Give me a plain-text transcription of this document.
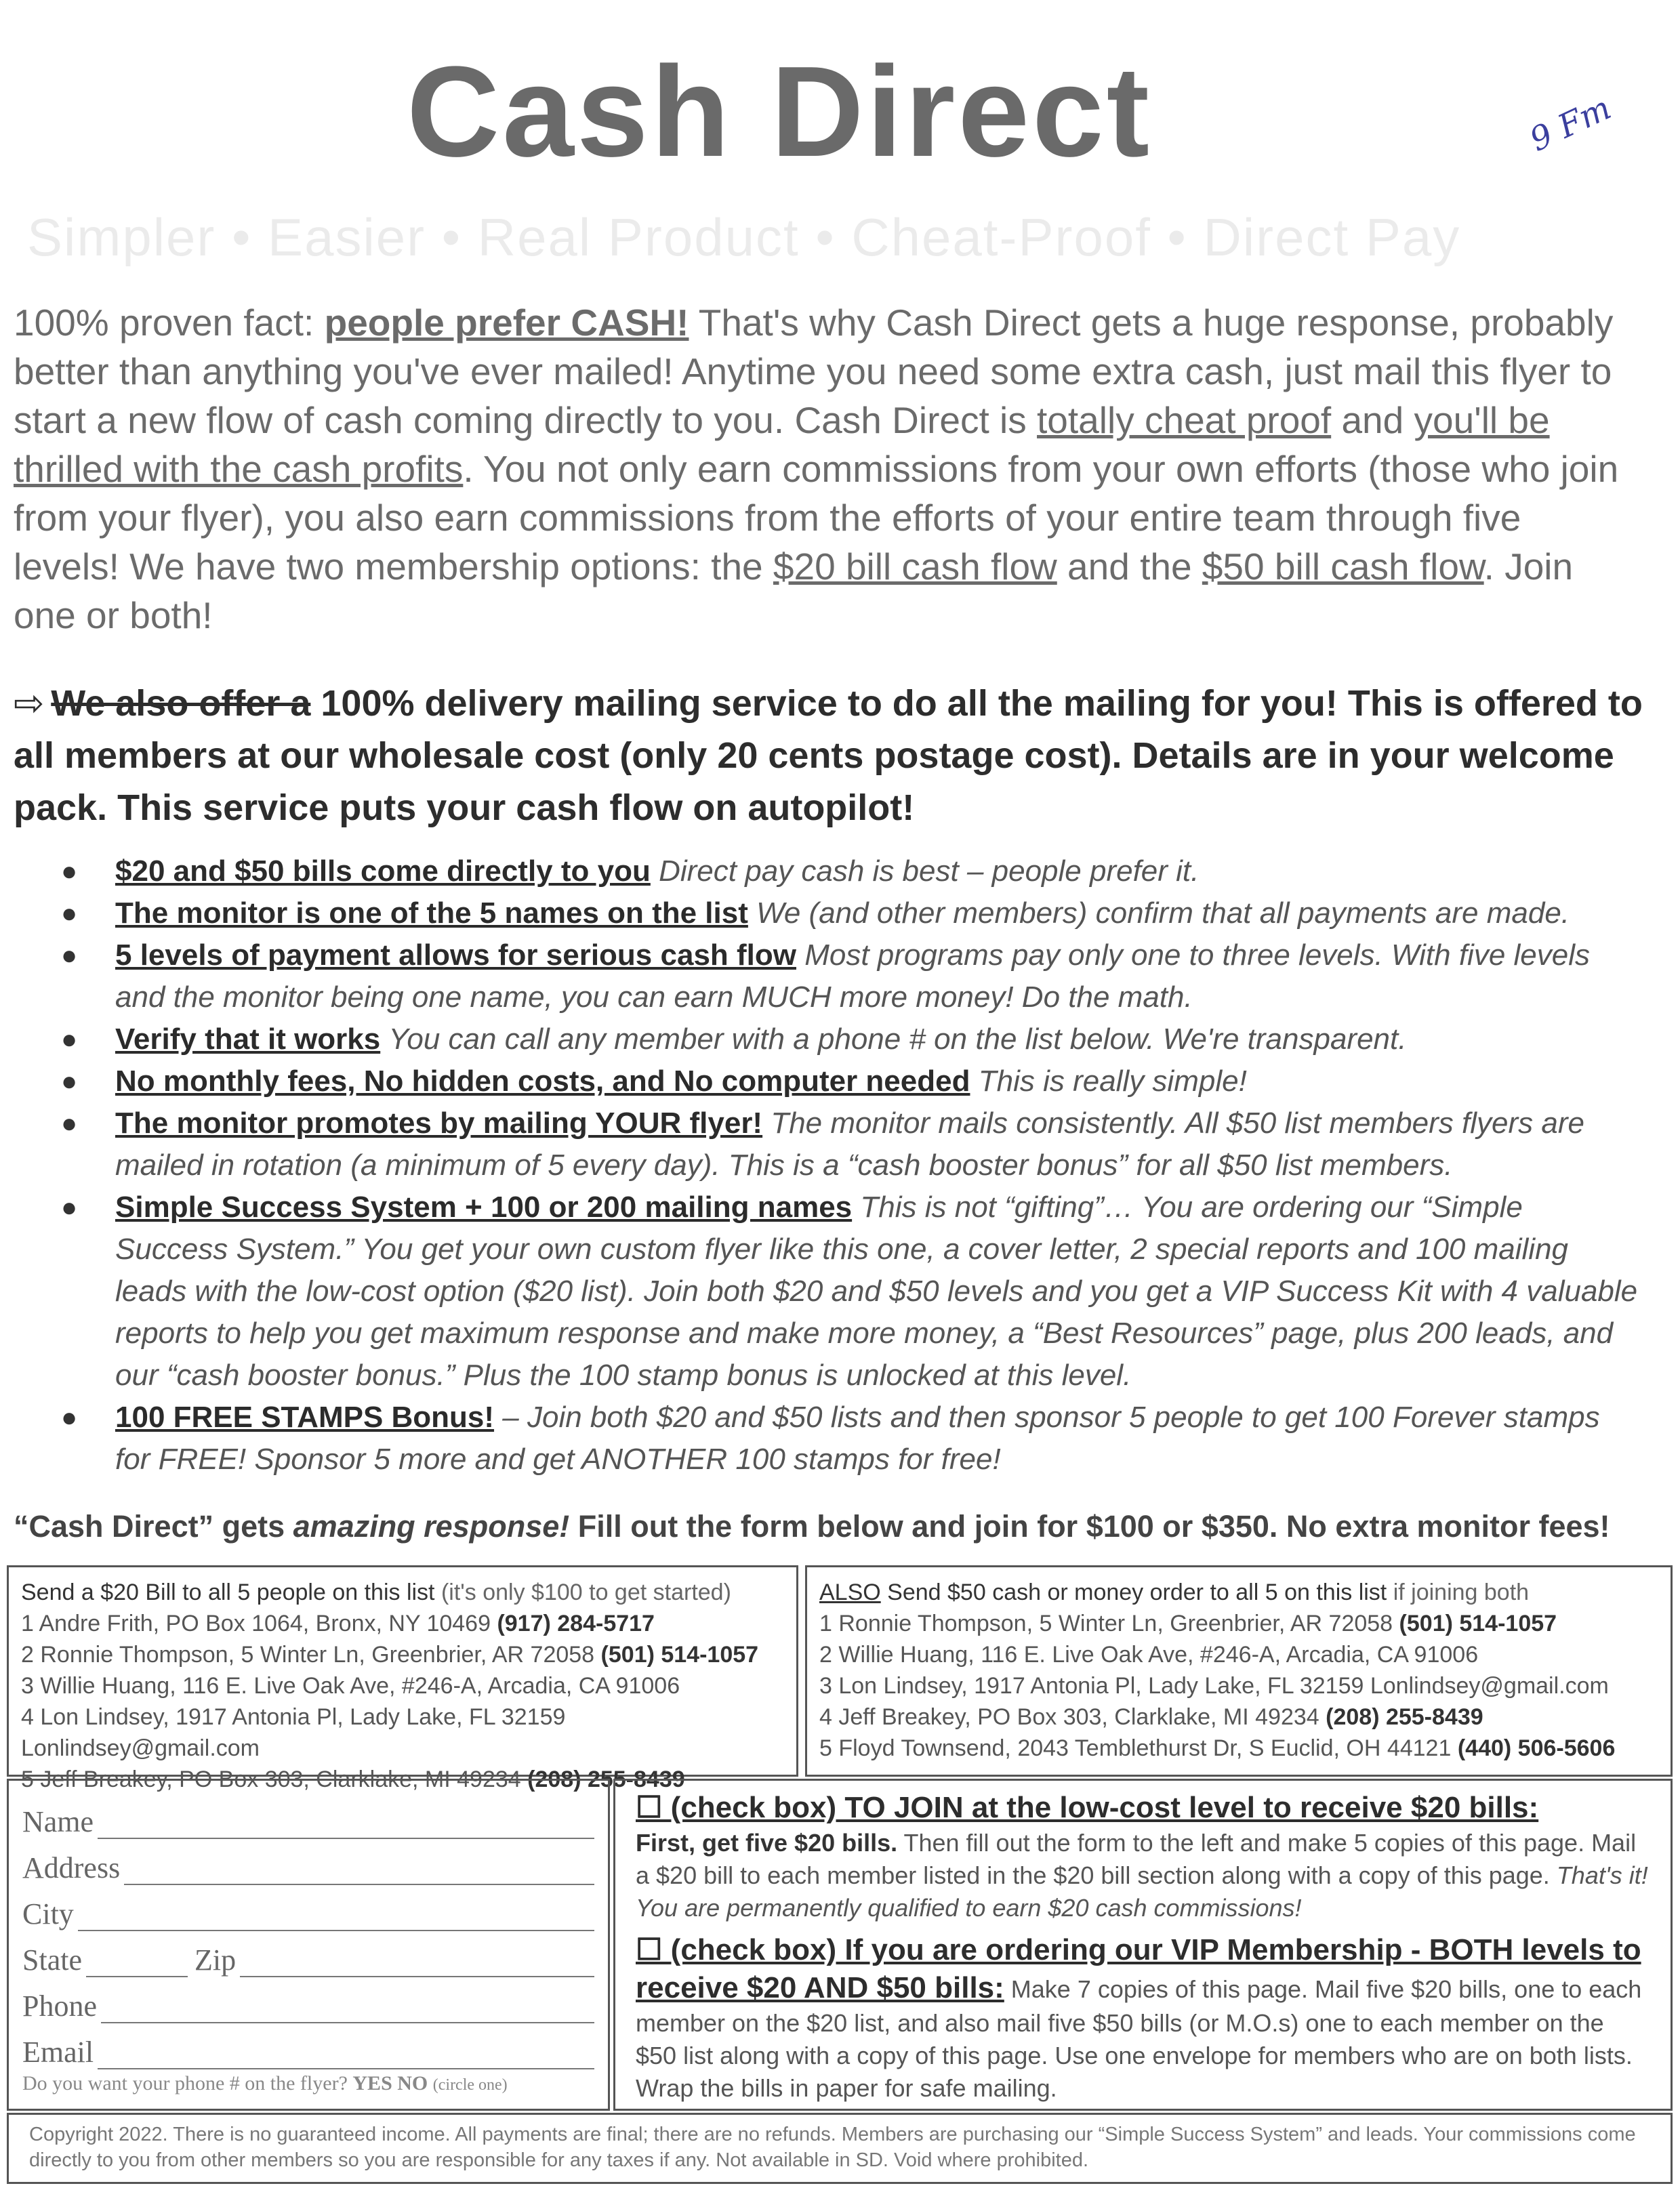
Cash Direct	9 Fm
Simpler • Easier • Real Product • Cheat-Proof • Direct Pay
100% proven fact: people prefer CASH! That's why Cash Direct gets a huge response, probably better than anything you've ever mailed! Anytime you need some extra cash, just mail this flyer to start a new flow of cash coming directly to you. Cash Direct is totally cheat proof and you'll be thrilled with the cash profits. You not only earn commissions from your own efforts (those who join from your flyer), you also earn commissions from the efforts of your entire team through five levels! We have two membership options: the $20 bill cash flow and the $50 bill cash flow. Join one or both!
⇨ We also offer a 100% delivery mailing service to do all the mailing for you! This is offered to all members at our wholesale cost (only 20 cents postage cost). Details are in your welcome pack. This service puts your cash flow on autopilot!
● $20 and $50 bills come directly to you Direct pay cash is best – people prefer it.
● The monitor is one of the 5 names on the list We (and other members) confirm that all payments are made.
● 5 levels of payment allows for serious cash flow Most programs pay only one to three levels. With five levels and the monitor being one name, you can earn MUCH more money! Do the math.
● Verify that it works You can call any member with a phone # on the list below. We're transparent.
● No monthly fees, No hidden costs, and No computer needed This is really simple!
● The monitor promotes by mailing YOUR flyer! The monitor mails consistently. All $50 list members flyers are mailed in rotation (a minimum of 5 every day). This is a “cash booster bonus” for all $50 list members.
● Simple Success System + 100 or 200 mailing names This is not “gifting”… You are ordering our “Simple Success System.” You get your own custom flyer like this one, a cover letter, 2 special reports and 100 mailing leads with the low-cost option ($20 list). Join both $20 and $50 levels and you get a VIP Success Kit with 4 valuable reports to help you get maximum response and make more money, a “Best Resources” page, plus 200 leads, and our “cash booster bonus.” Plus the 100 stamp bonus is unlocked at this level.
● 100 FREE STAMPS Bonus! – Join both $20 and $50 lists and then sponsor 5 people to get 100 Forever stamps for FREE! Sponsor 5 more and get ANOTHER 100 stamps for free!
“Cash Direct” gets amazing response! Fill out the form below and join for $100 or $350. No extra monitor fees!
Send a $20 Bill to all 5 people on this list (it's only $100 to get started)
1 Andre Frith, PO Box 1064, Bronx, NY 10469 (917) 284-5717
2 Ronnie Thompson, 5 Winter Ln, Greenbrier, AR 72058 (501) 514-1057
3 Willie Huang, 116 E. Live Oak Ave, #246-A, Arcadia, CA 91006
4 Lon Lindsey, 1917 Antonia Pl, Lady Lake, FL 32159 Lonlindsey@gmail.com
5 Jeff Breakey, PO Box 303, Clarklake, MI 49234 (208) 255-8439
ALSO Send $50 cash or money order to all 5 on this list if joining both
1 Ronnie Thompson, 5 Winter Ln, Greenbrier, AR 72058 (501) 514-1057
2 Willie Huang, 116 E. Live Oak Ave, #246-A, Arcadia, CA 91006
3 Lon Lindsey, 1917 Antonia Pl, Lady Lake, FL 32159 Lonlindsey@gmail.com
4 Jeff Breakey, PO Box 303, Clarklake, MI 49234 (208) 255-8439
5 Floyd Townsend, 2043 Temblethurst Dr, S Euclid, OH 44121 (440) 506-5606
Name
Address
City
State	Zip
Phone
Email
Do you want your phone # on the flyer? YES NO (circle one)
☐ (check box) TO JOIN at the low-cost level to receive $20 bills:
First, get five $20 bills. Then fill out the form to the left and make 5 copies of this page. Mail a $20 bill to each member listed in the $20 bill section along with a copy of this page. That's it! You are permanently qualified to earn $20 cash commissions!
☐ (check box) If you are ordering our VIP Membership - BOTH levels to receive $20 AND $50 bills: Make 7 copies of this page. Mail five $20 bills, one to each member on the $20 list, and also mail five $50 bills (or M.O.s) one to each member on the $50 list along with a copy of this page. Use one envelope for members who are on both lists. Wrap the bills in paper for safe mailing.
Copyright 2022. There is no guaranteed income. All payments are final; there are no refunds. Members are purchasing our “Simple Success System” and leads. Your commissions come directly to you from other members so you are responsible for any taxes if any. Not available in SD. Void where prohibited.
